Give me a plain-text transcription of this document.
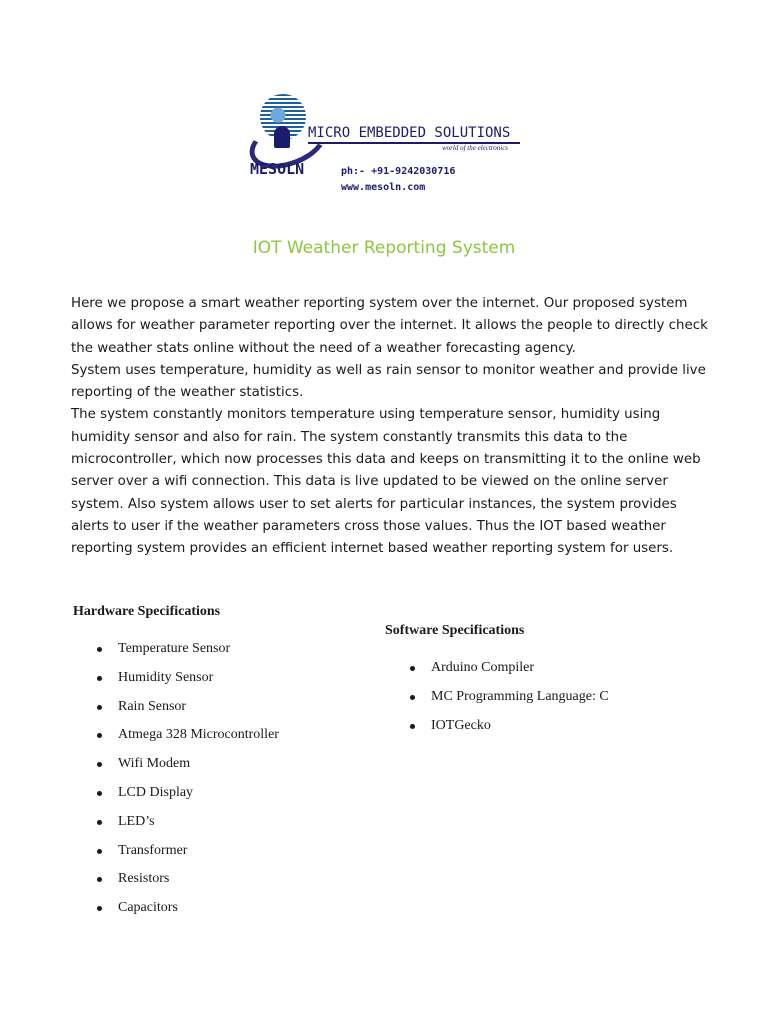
MESOLN
MICRO EMBEDDED SOLUTIONS
world of the electronics
ph:- +91-9242030716
www.mesoln.com
IOT Weather Reporting System

Here we propose a smart weather reporting system over the internet. Our proposed system allows for weather parameter reporting over the internet. It allows the people to directly check the weather stats online without the need of a weather forecasting agency.

System uses temperature, humidity as well as rain sensor to monitor weather and provide live reporting of the weather statistics.

The system constantly monitors temperature using temperature sensor, humidity using humidity sensor and also for rain. The system constantly transmits this data to the microcontroller, which now processes this data and keeps on transmitting it to the online web server over a wifi connection. This data is live updated to be viewed on the online server system. Also system allows user to set alerts for particular instances, the system provides alerts to user if the weather parameters cross those values. Thus the IOT based weather reporting system provides an efficient internet based weather reporting system for users.

Hardware Specifications
Temperature Sensor
Humidity Sensor
Rain Sensor
Atmega 328 Microcontroller
Wifi Modem
LCD Display
LED’s
Transformer
Resistors
Capacitors
Software Specifications
Arduino Compiler
MC Programming Language: C
IOTGecko
